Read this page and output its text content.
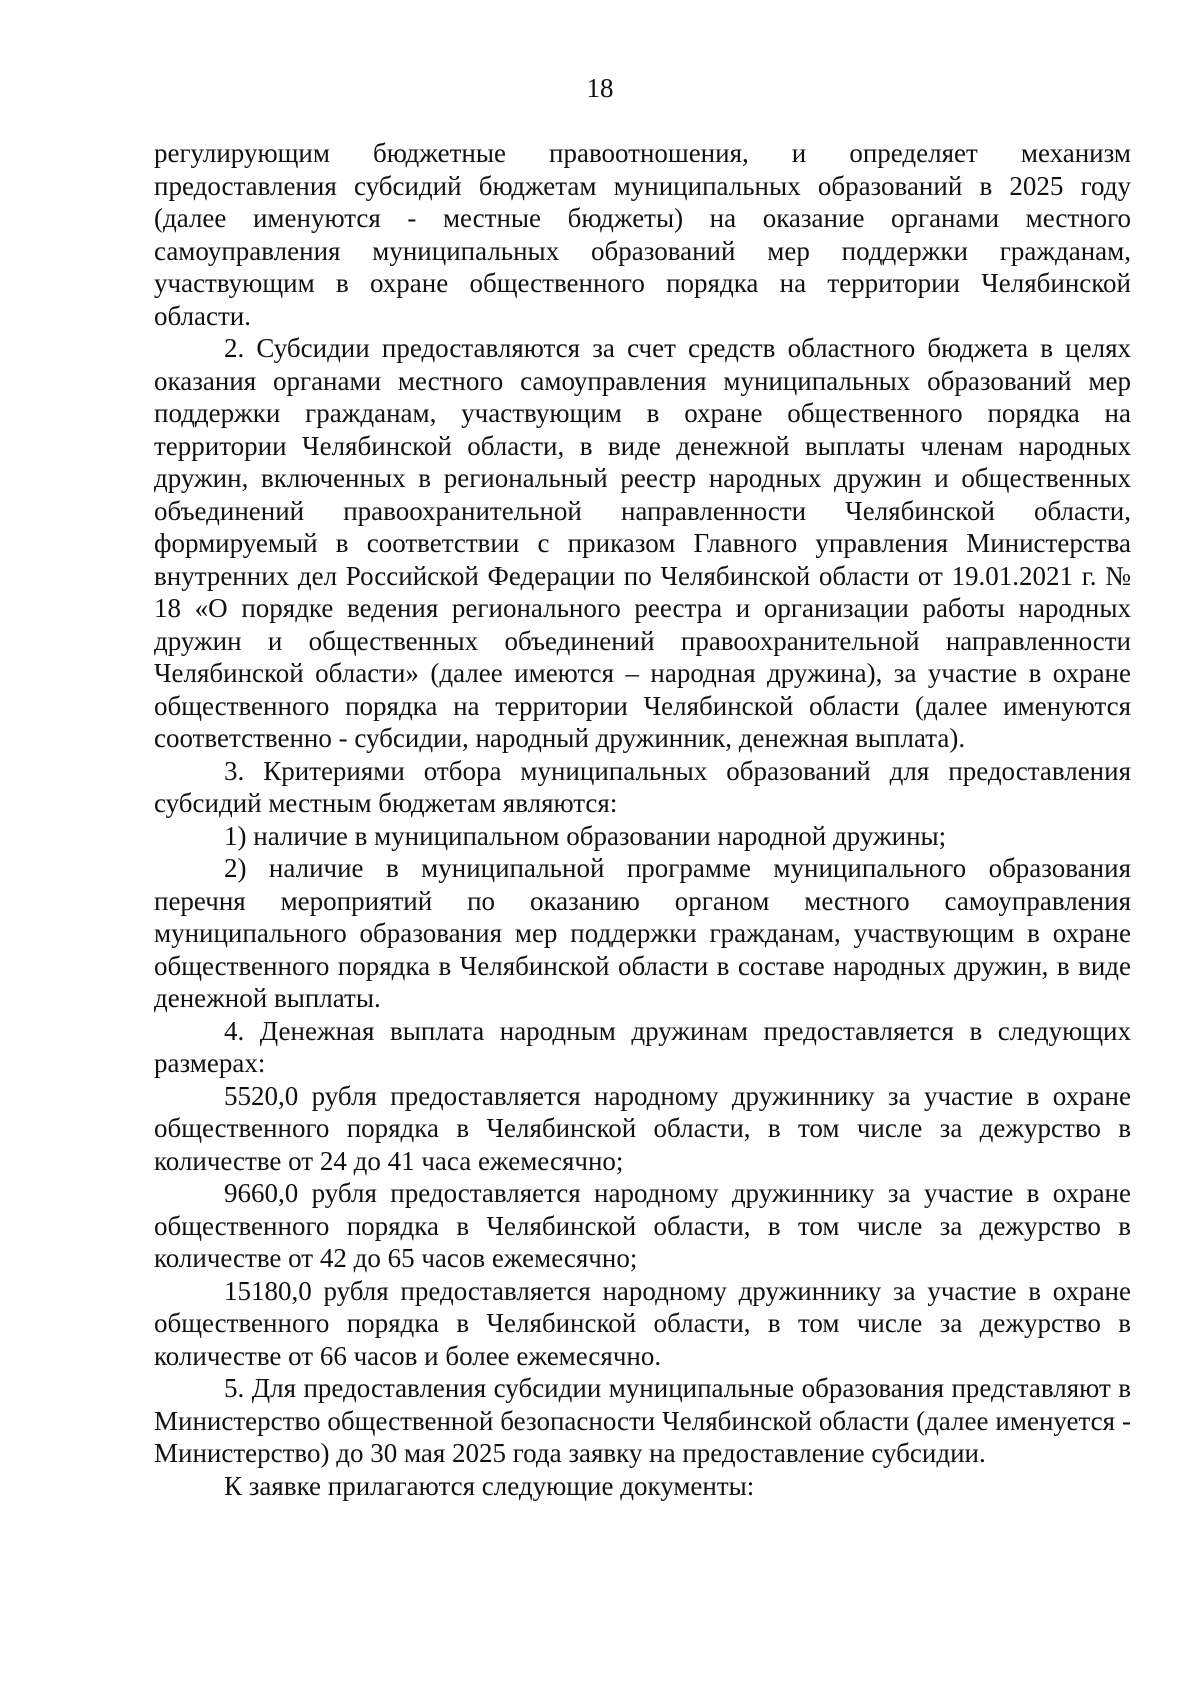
18

регулирующим бюджетные правоотношения, и определяет механизм предоставления субсидий бюджетам муниципальных образований в 2025 году (далее именуются - местные бюджеты) на оказание органами местного самоуправления муниципальных образований мер поддержки гражданам, участвующим в охране общественного порядка на территории Челябинской области.

2. Субсидии предоставляются за счет средств областного бюджета в целях оказания органами местного самоуправления муниципальных образований мер поддержки гражданам, участвующим в охране общественного порядка на территории Челябинской области, в виде денежной выплаты членам народных дружин, включенных в региональный реестр народных дружин и общественных объединений правоохранительной направленности Челябинской области, формируемый в соответствии с приказом Главного управления Министерства внутренних дел Российской Федерации по Челябинской области от 19.01.2021 г. № 18 «О порядке ведения регионального реестра и организации работы народных дружин и общественных объединений правоохранительной направленности Челябинской области» (далее имеются – народная дружина), за участие в охране общественного порядка на территории Челябинской области (далее именуются соответственно - субсидии, народный дружинник, денежная выплата).

3. Критериями отбора муниципальных образований для предоставления субсидий местным бюджетам являются:

1) наличие в муниципальном образовании народной дружины;

2) наличие в муниципальной программе муниципального образования перечня мероприятий по оказанию органом местного самоуправления муниципального образования мер поддержки гражданам, участвующим в охране общественного порядка в Челябинской области в составе народных дружин, в виде денежной выплаты.

4. Денежная выплата народным дружинам предоставляется в следующих размерах:

5520,0 рубля предоставляется народному дружиннику за участие в охране общественного порядка в Челябинской области, в том числе за дежурство в количестве от 24 до 41 часа ежемесячно;

9660,0 рубля предоставляется народному дружиннику за участие в охране общественного порядка в Челябинской области, в том числе за дежурство в количестве от 42 до 65 часов ежемесячно;

15180,0 рубля предоставляется народному дружиннику за участие в охране общественного порядка в Челябинской области, в том числе за дежурство в количестве от 66 часов и более ежемесячно.

5. Для предоставления субсидии муниципальные образования представляют в Министерство общественной безопасности Челябинской области (далее именуется - Министерство) до 30 мая 2025 года заявку на предоставление субсидии.

К заявке прилагаются следующие документы:
